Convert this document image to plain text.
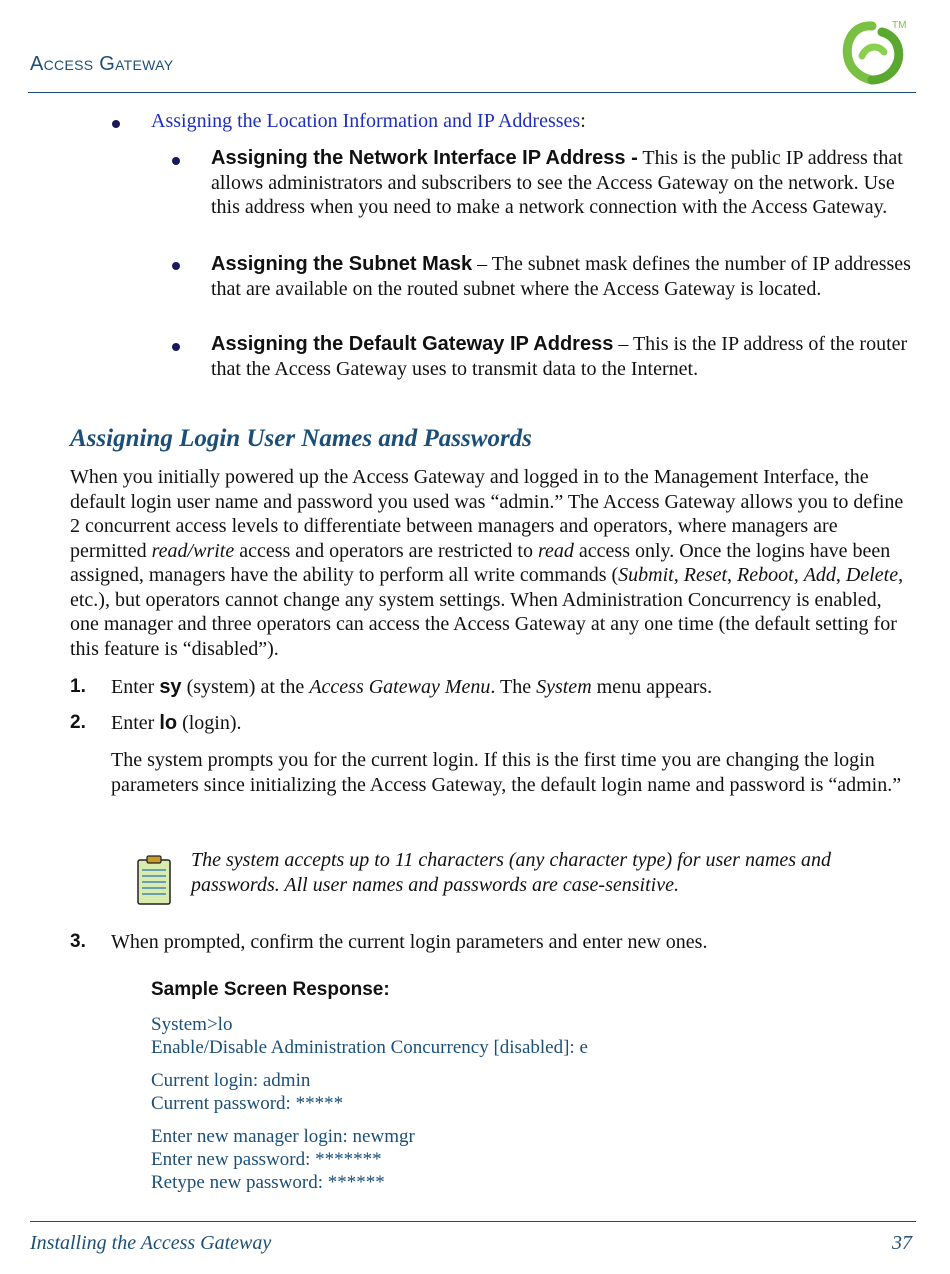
Access Gateway
TM
Assigning the Location Information and IP Addresses:
Assigning the Network Interface IP Address - This is the public IP address that allows administrators and subscribers to see the Access Gateway on the network. Use this address when you need to make a network connection with the Access Gateway.
Assigning the Subnet Mask – The subnet mask defines the number of IP addresses that are available on the routed subnet where the Access Gateway is located.
Assigning the Default Gateway IP Address – This is the IP address of the router that the Access Gateway uses to transmit data to the Internet.
Assigning Login User Names and Passwords
When you initially powered up the Access Gateway and logged in to the Management Interface, the default login user name and password you used was “admin.” The Access Gateway allows you to define 2 concurrent access levels to differentiate between managers and operators, where managers are permitted read/write access and operators are restricted to read access only. Once the logins have been assigned, managers have the ability to perform all write commands (Submit, Reset, Reboot, Add, Delete, etc.), but operators cannot change any system settings. When Administration Concurrency is enabled, one manager and three operators can access the Access Gateway at any one time (the default setting for this feature is “disabled”).
1. Enter sy (system) at the Access Gateway Menu. The System menu appears.
2. Enter lo (login).
The system prompts you for the current login. If this is the first time you are changing the login parameters since initializing the Access Gateway, the default login name and password is “admin.”
The system accepts up to 11 characters (any character type) for user names and passwords. All user names and passwords are case-sensitive.
3. When prompted, confirm the current login parameters and enter new ones.
Sample Screen Response:
System>lo
Enable/Disable Administration Concurrency [disabled]: e
Current login: admin
Current password: *****
Enter new manager login: newmgr
Enter new password: *******
Retype new password: ******
Installing the Access Gateway	37
